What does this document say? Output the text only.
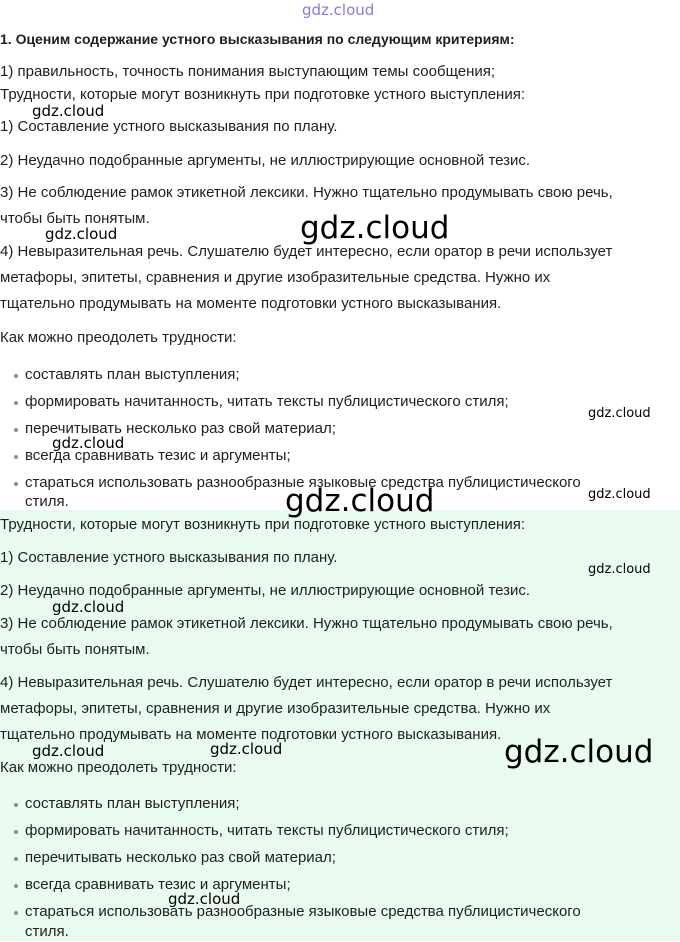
gdz.cloud
1. Оценим содержание устного высказывания по следующим критериям:
1) правильность, точность понимания выступающим темы сообщения;
Трудности, которые могут возникнуть при подготовке устного выступления:
1) Составление устного высказывания по плану.
2) Неудачно подобранные аргументы, не иллюстрирующие основной тезис.
3) Не соблюдение рамок этикетной лексики. Нужно тщательно продумывать свою речь,
чтобы быть понятым.
4) Невыразительная речь. Слушателю будет интересно, если оратор в речи использует
метафоры, эпитеты, сравнения и другие изобразительные средства. Нужно их
тщательно продумывать на моменте подготовки устного высказывания.
Как можно преодолеть трудности:
составлять план выступления;
формировать начитанность, читать тексты публицистического стиля;
перечитывать несколько раз свой материал;
всегда сравнивать тезис и аргументы;
стараться использовать разнообразные языковые средства публицистического
стиля.
Трудности, которые могут возникнуть при подготовке устного выступления:
1) Составление устного высказывания по плану.
2) Неудачно подобранные аргументы, не иллюстрирующие основной тезис.
3) Не соблюдение рамок этикетной лексики. Нужно тщательно продумывать свою речь,
чтобы быть понятым.
4) Невыразительная речь. Слушателю будет интересно, если оратор в речи использует
метафоры, эпитеты, сравнения и другие изобразительные средства. Нужно их
тщательно продумывать на моменте подготовки устного высказывания.
Как можно преодолеть трудности:
составлять план выступления;
формировать начитанность, читать тексты публицистического стиля;
перечитывать несколько раз свой материал;
всегда сравнивать тезис и аргументы;
стараться использовать разнообразные языковые средства публицистического
стиля.
gdz.cloud
gdz.cloud	gdz.cloud
gdz.cloud
gdz.cloud
gdz.cloud	gdz.cloud
gdz.cloud
gdz.cloud
gdz.cloud	gdz.cloud	gdz.cloud
gdz.cloud
